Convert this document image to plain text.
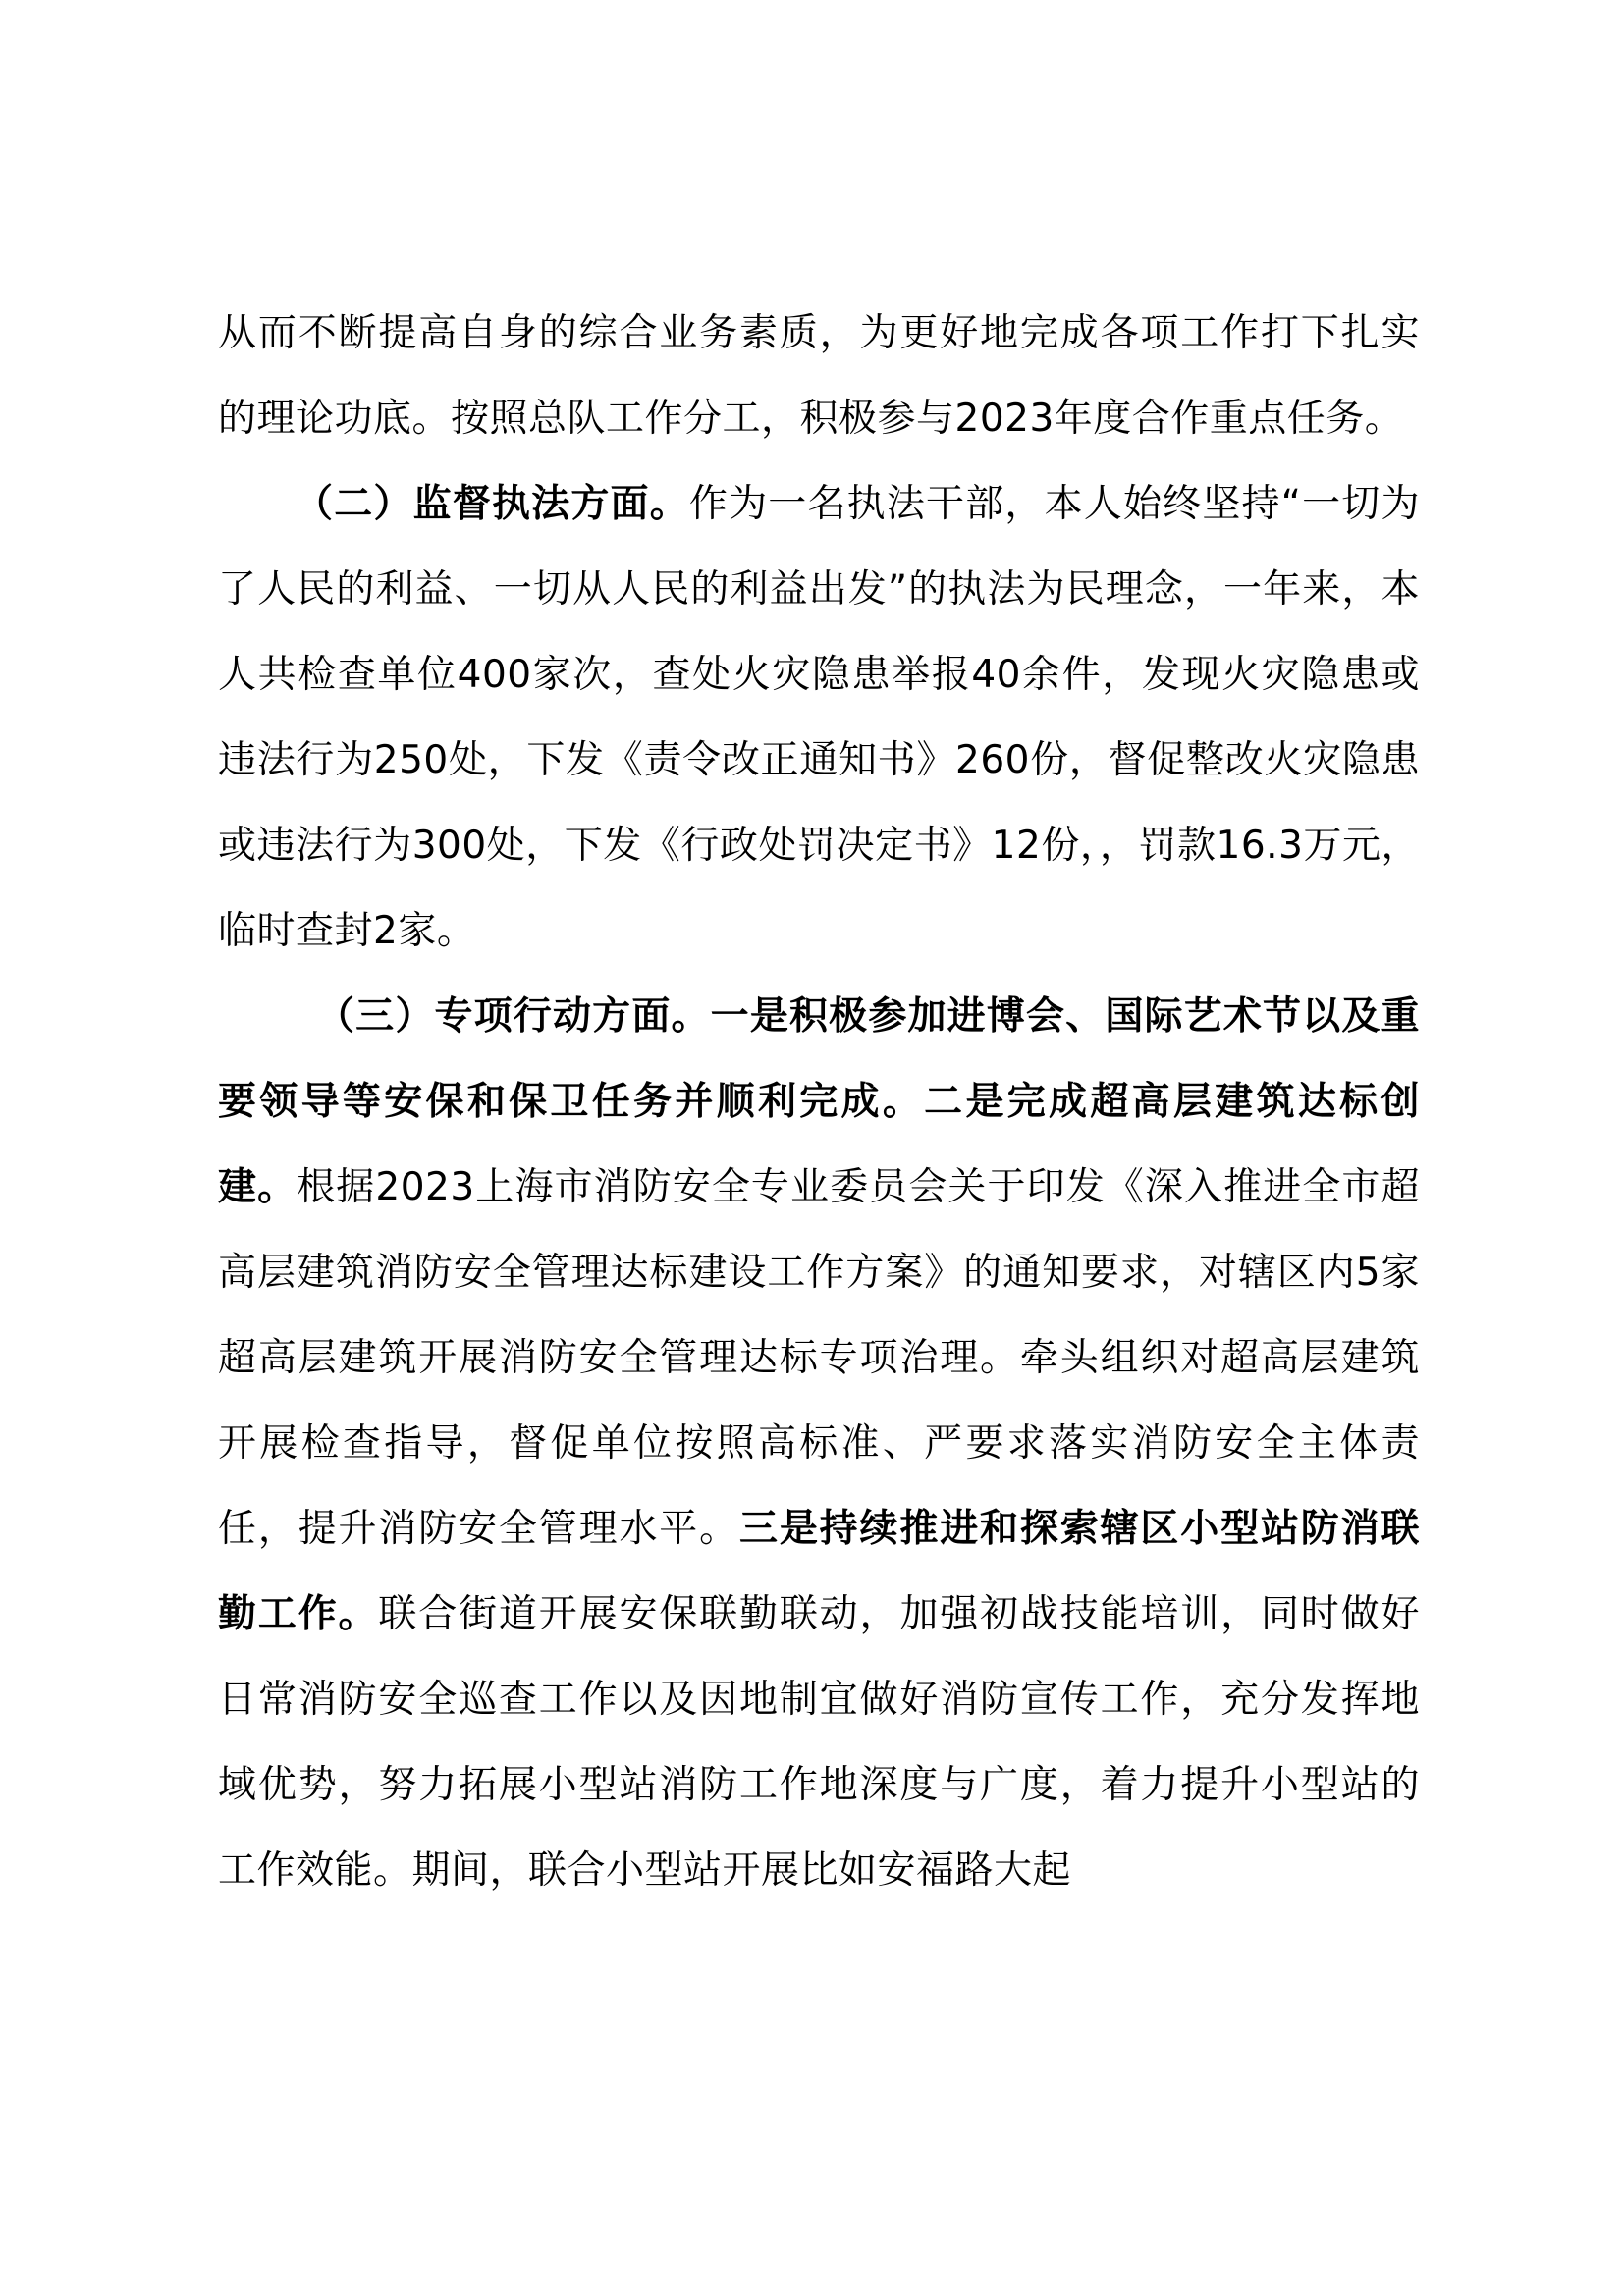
从而不断提高自身的综合业务素质，为更好地完成各项工作打下扎实的理论功底。按照总队工作分工，积极参与2023年度合作重点任务。

（二）监督执法方面。作为一名执法干部，本人始终坚持“一切为了人民的利益、一切从人民的利益出发”的执法为民理念，一年来，本人共检查单位400家次，查处火灾隐患举报40余件，发现火灾隐患或违法行为250处，下发《责令改正通知书》260份，督促整改火灾隐患或违法行为300处，下发《行政处罚决定书》12份，，罚款16.3万元，临时查封2家。

（三）专项行动方面。一是积极参加进博会、国际艺术节以及重要领导等安保和保卫任务并顺利完成。二是完成超高层建筑达标创建。根据2023上海市消防安全专业委员会关于印发《深入推进全市超高层建筑消防安全管理达标建设工作方案》的通知要求，对辖区内5家超高层建筑开展消防安全管理达标专项治理。牵头组织对超高层建筑开展检查指导，督促单位按照高标准、严要求落实消防安全主体责任，提升消防安全管理水平。三是持续推进和探索辖区小型站防消联勤工作。联合街道开展安保联勤联动，加强初战技能培训，同时做好日常消防安全巡查工作以及因地制宜做好消防宣传工作，充分发挥地域优势，努力拓展小型站消防工作地深度与广度，着力提升小型站的工作效能。期间，联合小型站开展比如安福路大起
